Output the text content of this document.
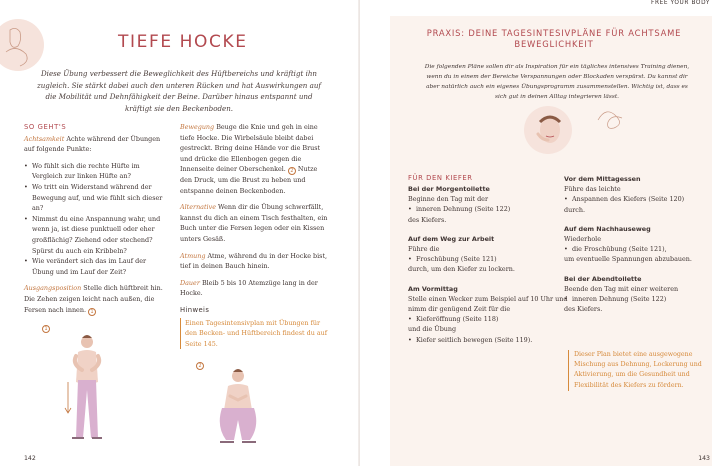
TIEFE HOCKE
Diese Übung verbessert die Beweglichkeit des Hüftbereichs und kräftigt ihn zugleich. Sie stärkt dabei auch den unteren Rücken und hat Auswirkungen auf die Mobilität und Dehnfähigkeit der Beine. Darüber hinaus entspannt und kräftigt sie den Beckenboden.
SO GEHT'S

Achtsamkeit Achte während der Übungen auf folgende Punkte:

• Wo fühlt sich die rechte Hüfte im Vergleich zur linken Hüfte an?
• Wo tritt ein Widerstand während der Bewegung auf, und wie fühlt sich dieser an?
• Nimmst du eine Anspannung wahr, und wenn ja, ist diese punktuell oder eher großflächig? Ziehend oder stechend? Spürst du auch ein Kribbeln?
• Wie verändert sich das im Lauf der Übung und im Lauf der Zeit?

Ausgangsposition Stelle dich hüftbreit hin. Die Zehen zeigen leicht nach außen, die Fersen nach innen. 1

Bewegung Beuge die Knie und geh in eine tiefe Hocke. Die Wirbelsäule bleibt dabei gestreckt. Bring deine Hände vor die Brust und drücke die Ellenbogen gegen die Innenseite deiner Oberschenkel. 2 Nutze den Druck, um die Brust zu heben und entspanne deinen Beckenboden.

Alternative Wenn dir die Übung schwerfällt, kannst du dich an einem Tisch festhalten, ein Buch unter die Fersen legen oder ein Kissen unters Gesäß.

Atmung Atme, während du in der Hocke bist, tief in deinen Bauch hinein.

Dauer Bleib 5 bis 10 Atemzüge lang in der Hocke.

Hinweis
Einen Tagesintensivplan mit Übungen für den Becken- und Hüftbereich findest du auf Seite 145.
1
2
142
FREE YOUR BODY
PRAXIS: DEINE TAGESINTESIVPLÄNE FÜR ACHTSAME BEWEGLICHKEIT
Die folgenden Pläne sollen dir als Inspiration für ein tägliches intensives Training dienen, wenn du in einem der Bereiche Verspannungen oder Blockaden verspürst. Du kannst dir aber natürlich auch ein eigenes Übungsprogramm zusammenstellen. Wichtig ist, dass es sich gut in deinen Alltag integrieren lässt.
FÜR DEN KIEFER
Bei der Morgentoilette
Beginne den Tag mit der
• inneren Dehnung (Seite 122)
des Kiefers.
Auf dem Weg zur Arbeit
Führe die
• Froschübung (Seite 121)
durch, um den Kiefer zu lockern.
Am Vormittag
Stelle einen Wecker zum Beispiel auf 10 Uhr und nimm dir genügend Zeit für die
• Kieferöffnung (Seite 118)
und die Übung
• Kiefer seitlich bewegen (Seite 119).
Vor dem Mittagessen
Führe das leichte
• Anspannen des Kiefers (Seite 120)
durch.
Auf dem Nachhauseweg
Wiederhole
• die Froschübung (Seite 121),
um eventuelle Spannungen abzubauen.
Bei der Abendtoilette
Beende den Tag mit einer weiteren
• inneren Dehnung (Seite 122)
des Kiefers.
Dieser Plan bietet eine ausgewogene Mischung aus Dehnung, Lockerung und Aktivierung, um die Gesundheit und Flexibilität des Kiefers zu fördern.
143
